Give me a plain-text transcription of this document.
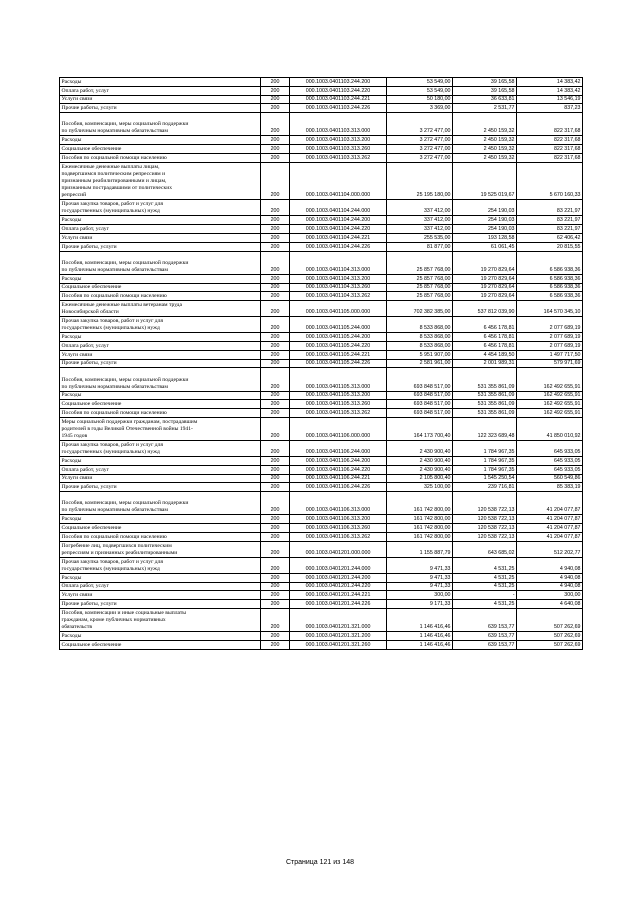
Расходы	200	000.1003.0401103.244.200	53 549,00	39 165,58	14 383,42
Оплата работ, услуг	200	000.1003.0401103.244.220	53 549,00	39 165,58	14 383,42
Услуги связи	200	000.1003.0401103.244.221	50 180,00	36 633,81	13 546,19
Прочие работы, услуги	200	000.1003.0401103.244.226	3 369,00	2 531,77	837,23

Пособия, компенсации, меры социальной поддержки
по публичным нормативным обязательствам	200	000.1003.0401103.313.000	3 272 477,00	2 450 159,32	822 317,68
Расходы	200	000.1003.0401103.313.200	3 272 477,00	2 450 159,32	822 317,68
Социальное обеспечение	200	000.1003.0401103.313.260	3 272 477,00	2 450 159,32	822 317,68
Пособия по социальной помощи населению	200	000.1003.0401103.313.262	3 272 477,00	2 450 159,32	822 317,68
Ежемесячные денежные выплаты лицам,
подвергшимся политическим репрессиям и
признанным реабилитированными и лицам,
признанным пострадавшими от политических
репрессий	200	000.1003.0401104.000.000	25 195 180,00	19 525 019,67	5 670 160,33
Прочая закупка товаров, работ и услуг для
государственных (муниципальных) нужд	200	000.1003.0401104.244.000	337 412,00	254 190,03	83 221,97
Расходы	200	000.1003.0401104.244.200	337 412,00	254 190,03	83 221,97
Оплата работ, услуг	200	000.1003.0401104.244.220	337 412,00	254 190,03	83 221,97
Услуги связи	200	000.1003.0401104.244.221	255 535,00	193 128,58	62 406,42
Прочие работы, услуги	200	000.1003.0401104.244.226	81 877,00	61 061,45	20 815,55

Пособия, компенсации, меры социальной поддержки
по публичным нормативным обязательствам	200	000.1003.0401104.313.000	25 857 768,00	19 270 829,64	6 586 938,36
Расходы	200	000.1003.0401104.313.200	25 857 768,00	19 270 829,64	6 586 938,36
Социальное обеспечение	200	000.1003.0401104.313.260	25 857 768,00	19 270 829,64	6 586 938,36
Пособия по социальной помощи населению	200	000.1003.0401104.313.262	25 857 768,00	19 270 829,64	6 586 938,36
Ежемесячные денежные выплаты ветеранам труда
Новосибирской области	200	000.1003.0401105.000.000	702 382 385,00	537 812 039,90	164 570 345,10
Прочая закупка товаров, работ и услуг для
государственных (муниципальных) нужд	200	000.1003.0401105.244.000	8 533 868,00	6 456 178,81	2 077 689,19
Расходы	200	000.1003.0401105.244.200	8 533 868,00	6 456 178,81	2 077 689,19
Оплата работ, услуг	200	000.1003.0401105.244.220	8 533 868,00	6 456 178,81	2 077 689,19
Услуги связи	200	000.1003.0401105.244.221	5 951 907,00	4 454 189,50	1 497 717,50
Прочие работы, услуги	200	000.1003.0401105.244.226	2 581 961,00	2 001 989,31	579 971,69

Пособия, компенсации, меры социальной поддержки
по публичным нормативным обязательствам	200	000.1003.0401105.313.000	693 848 517,00	531 355 861,09	162 492 655,91
Расходы	200	000.1003.0401105.313.200	693 848 517,00	531 355 861,09	162 492 655,91
Социальное обеспечение	200	000.1003.0401105.313.260	693 848 517,00	531 355 861,09	162 492 655,91
Пособия по социальной помощи населению	200	000.1003.0401105.313.262	693 848 517,00	531 355 861,09	162 492 655,91
Меры социальной поддержки гражданам, пострадавшим
родителей в годы Великой Отечественной войны 1941-
1945 годов	200	000.1003.0401106.000.000	164 173 700,40	122 323 689,48	41 850 010,92
Прочая закупка товаров, работ и услуг для
государственных (муниципальных) нужд	200	000.1003.0401106.244.000	2 430 900,40	1 784 967,35	645 933,05
Расходы	200	000.1003.0401106.244.200	2 430 900,40	1 784 967,35	645 933,05
Оплата работ, услуг	200	000.1003.0401106.244.220	2 430 900,40	1 784 967,35	645 933,05
Услуги связи	200	000.1003.0401106.244.221	2 105 800,40	1 545 250,54	560 549,86
Прочие работы, услуги	200	000.1003.0401106.244.226	325 100,00	239 716,81	85 383,19

Пособия, компенсации, меры социальной поддержки
по публичным нормативным обязательствам	200	000.1003.0401106.313.000	161 742 800,00	120 538 722,13	41 204 077,87
Расходы	200	000.1003.0401106.313.200	161 742 800,00	120 538 722,13	41 204 077,87
Социальное обеспечение	200	000.1003.0401106.313.260	161 742 800,00	120 538 722,13	41 204 077,87
Пособия по социальной помощи населению	200	000.1003.0401106.313.262	161 742 800,00	120 538 722,13	41 204 077,87
Погребение лиц, подвергшихся политическим
репрессиям и признанных реабилитированными	200	000.1003.0401201.000.000	1 155 887,79	643 685,02	512 202,77
Прочая закупка товаров, работ и услуг для
государственных (муниципальных) нужд	200	000.1003.0401201.244.000	9 471,33	4 531,25	4 940,08
Расходы	200	000.1003.0401201.244.200	9 471,33	4 531,25	4 940,08
Оплата работ, услуг	200	000.1003.0401201.244.220	9 471,33	4 531,25	4 940,08
Услуги связи	200	000.1003.0401201.244.221	300,00	-	300,00
Прочие работы, услуги	200	000.1003.0401201.244.226	9 171,33	4 531,25	4 640,08
Пособия, компенсации и иные социальные выплаты
гражданам, кроме публичных нормативных
обязательств	200	000.1003.0401201.321.000	1 146 416,46	639 153,77	507 262,69
Расходы	200	000.1003.0401201.321.200	1 146 416,46	639 153,77	507 262,69
Социальное обеспечение	200	000.1003.0401201.321.260	1 146 416,46	639 153,77	507 262,69
Страница 121 из 148
